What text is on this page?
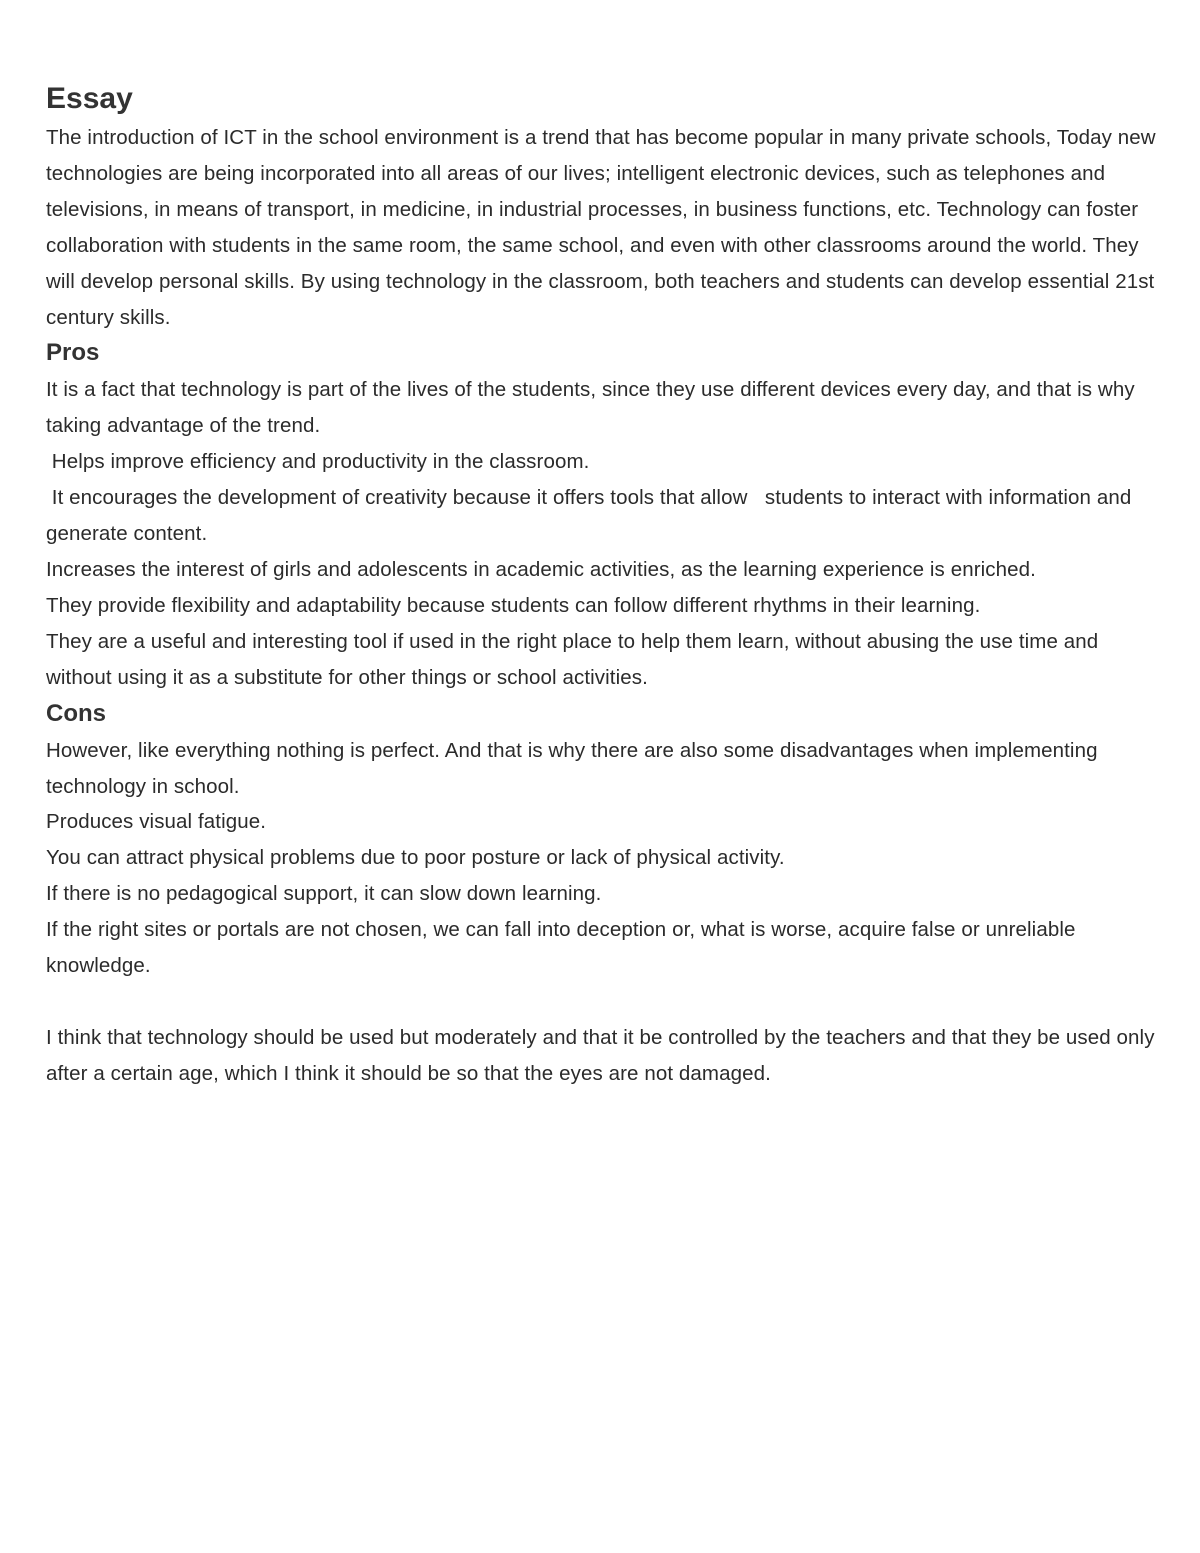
Essay

The introduction of ICT in the school environment is a trend that has become popular in many private schools, Today new technologies are being incorporated into all areas of our lives; intelligent electronic devices, such as telephones and televisions, in means of transport, in medicine, in industrial processes, in business functions, etc. Technology can foster collaboration with students in the same room, the same school, and even with other classrooms around the world. They will develop personal skills. By using technology in the classroom, both teachers and students can develop essential 21st century skills.

Pros

It is a fact that technology is part of the lives of the students, since they use different devices every day, and that is why taking advantage of the trend.

Helps improve efficiency and productivity in the classroom.

It encourages the development of creativity because it offers tools that allow   students to interact with information and generate content.

Increases the interest of girls and adolescents in academic activities, as the learning experience is enriched.

They provide flexibility and adaptability because students can follow different rhythms in their learning.

They are a useful and interesting tool if used in the right place to help them learn, without abusing the use time and without using it as a substitute for other things or school activities.

Cons

However, like everything nothing is perfect. And that is why there are also some disadvantages when implementing technology in school.

Produces visual fatigue.

You can attract physical problems due to poor posture or lack of physical activity.

If there is no pedagogical support, it can slow down learning.

If the right sites or portals are not chosen, we can fall into deception or, what is worse, acquire false or unreliable knowledge.

I think that technology should be used but moderately and that it be controlled by the teachers and that they be used only after a certain age, which I think it should be so that the eyes are not damaged.
